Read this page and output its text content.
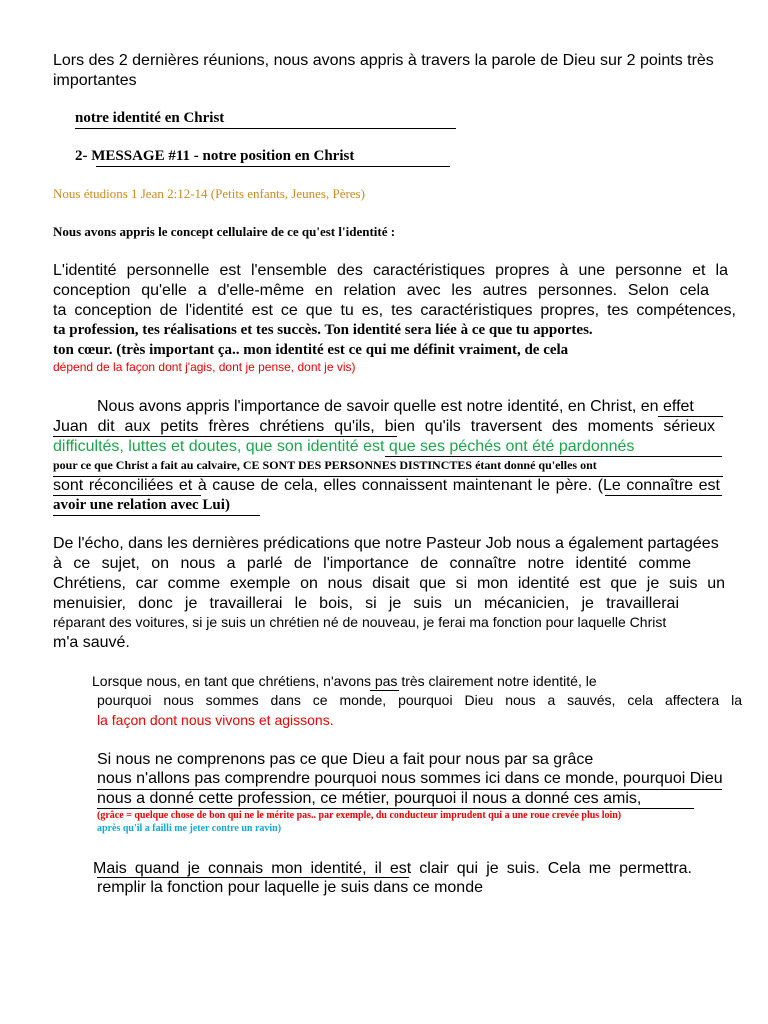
Lors des 2 dernières réunions, nous avons appris à travers la parole de Dieu sur 2 points très
importantes
notre identité en Christ
2- MESSAGE #11 - notre position en Christ
Nous étudions 1 Jean 2:12-14 (Petits enfants, Jeunes, Pères)
Nous avons appris le concept cellulaire de ce qu'est l'identité :
L'identité personnelle est l'ensemble des caractéristiques propres à une personne et la
conception qu'elle a d'elle-même en relation avec les autres personnes. Selon cela
ta conception de l'identité est ce que tu es, tes caractéristiques propres, tes compétences,
ta profession, tes réalisations et tes succès. Ton identité sera liée à ce que tu apportes.
ton cœur. (très important ça.. mon identité est ce qui me définit vraiment, de cela
dépend de la façon dont j'agis, dont je pense, dont je vis)
Nous avons appris l'importance de savoir quelle est notre identité, en Christ, en effet
Juan dit aux petits frères chrétiens qu'ils, bien qu'ils traversent des moments sérieux
difficultés, luttes et doutes, que son identité est que ses péchés ont été pardonnés
pour ce que Christ a fait au calvaire, CE SONT DES PERSONNES DISTINCTES étant donné qu'elles ont
sont réconciliées et à cause de cela, elles connaissent maintenant le père. (Le connaître est
avoir une relation avec Lui)
De l'écho, dans les dernières prédications que notre Pasteur Job nous a également partagées
à ce sujet, on nous a parlé de l'importance de connaître notre identité comme
Chrétiens, car comme exemple on nous disait que si mon identité est que je suis un
menuisier, donc je travaillerai le bois, si je suis un mécanicien, je travaillerai
réparant des voitures, si je suis un chrétien né de nouveau, je ferai ma fonction pour laquelle Christ
m'a sauvé.
Lorsque nous, en tant que chrétiens, n'avons pas très clairement notre identité, le
pourquoi nous sommes dans ce monde, pourquoi Dieu nous a sauvés, cela affectera la
la façon dont nous vivons et agissons.
Si nous ne comprenons pas ce que Dieu a fait pour nous par sa grâce
nous n'allons pas comprendre pourquoi nous sommes ici dans ce monde, pourquoi Dieu
nous a donné cette profession, ce métier, pourquoi il nous a donné ces amis,
(grâce = quelque chose de bon qui ne le mérite pas.. par exemple, du conducteur imprudent qui a une roue crevée plus loin)
après qu'il a failli me jeter contre un ravin)
Mais quand je connais mon identité, il est clair qui je suis. Cela me permettra.
remplir la fonction pour laquelle je suis dans ce monde
